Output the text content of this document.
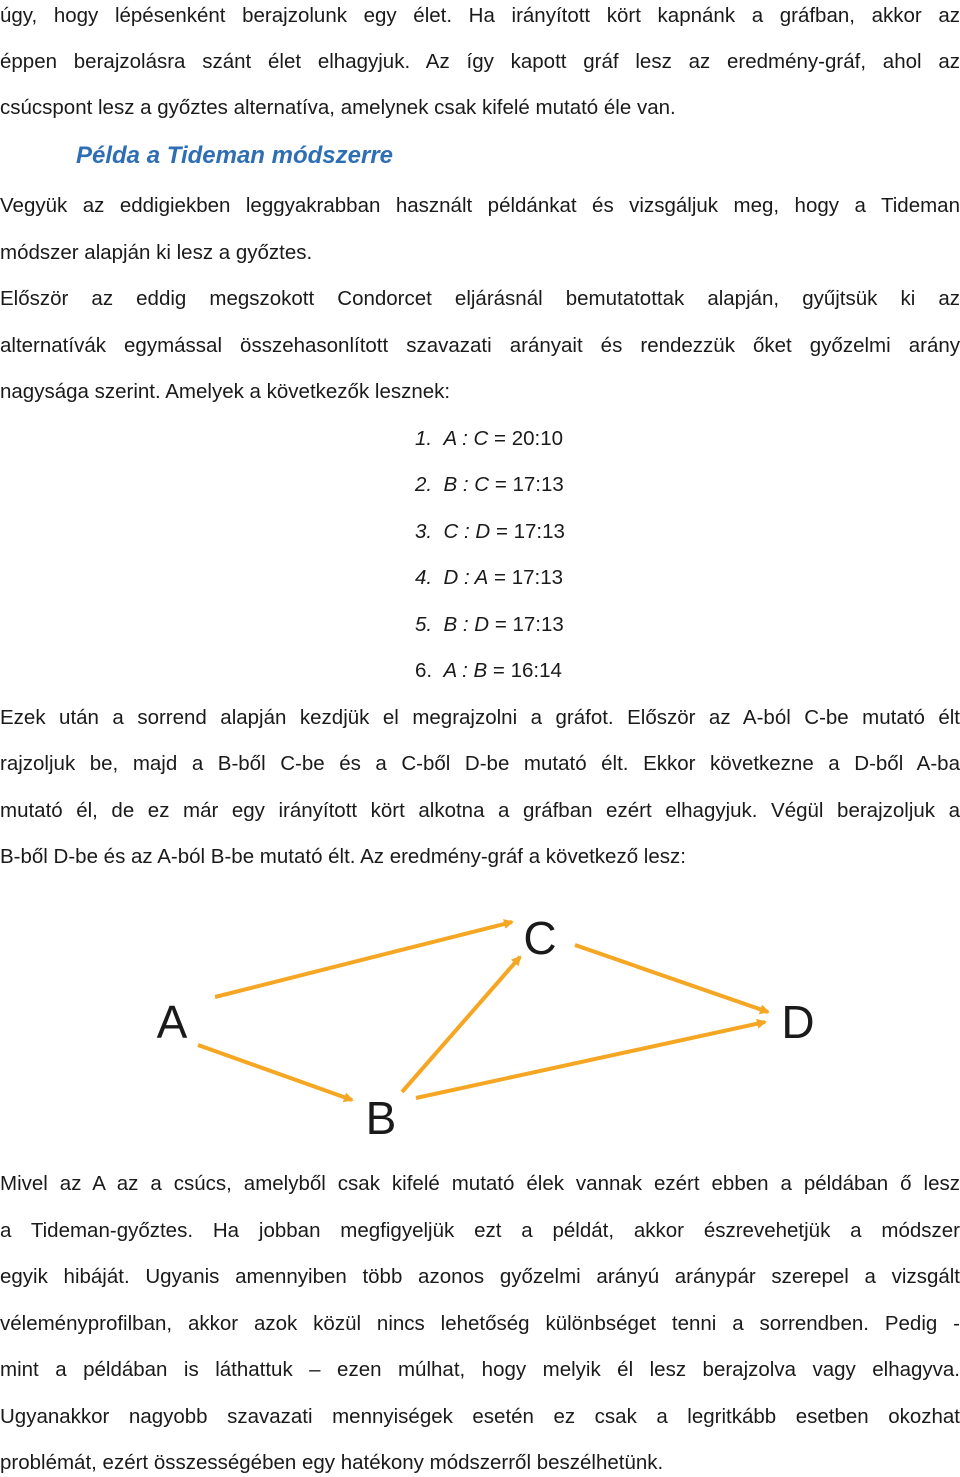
úgy, hogy lépésenként berajzolunk egy élet. Ha irányított kört kapnánk a gráfban, akkor az
éppen berajzolásra szánt élet elhagyjuk. Az így kapott gráf lesz az eredmény-gráf, ahol az
csúcspont lesz a győztes alternatíva, amelynek csak kifelé mutató éle van.
Példa a Tideman módszerre
Vegyük az eddigiekben leggyakrabban használt példánkat és vizsgáljuk meg, hogy a Tideman
módszer alapján ki lesz a győztes.
Először az eddig megszokott Condorcet eljárásnál bemutatottak alapján, gyűjtsük ki az
alternatívák egymással összehasonlított szavazati arányait és rendezzük őket győzelmi arány
nagysága szerint. Amelyek a következők lesznek:
1. A : C = 20:10
2. B : C = 17:13
3. C : D = 17:13
4. D : A = 17:13
5. B : D = 17:13
6. A : B = 16:14
Ezek után a sorrend alapján kezdjük el megrajzolni a gráfot. Először az A-ból C-be mutató élt
rajzoljuk be, majd a B-ből C-be és a C-ből D-be mutató élt. Ekkor következne a D-ből A-ba
mutató él, de ez már egy irányított kört alkotna a gráfban ezért elhagyjuk. Végül berajzoljuk a
B-ből D-be és az A-ból B-be mutató élt. Az eredmény-gráf a következő lesz:
A
B
C
D
Mivel az A az a csúcs, amelyből csak kifelé mutató élek vannak ezért ebben a példában ő lesz
a Tideman-győztes. Ha jobban megfigyeljük ezt a példát, akkor észrevehetjük a módszer
egyik hibáját. Ugyanis amennyiben több azonos győzelmi arányú aránypár szerepel a vizsgált
véleményprofilban, akkor azok közül nincs lehetőség különbséget tenni a sorrendben. Pedig -
mint a példában is láthattuk – ezen múlhat, hogy melyik él lesz berajzolva vagy elhagyva.
Ugyanakkor nagyobb szavazati mennyiségek esetén ez csak a legritkább esetben okozhat
problémát, ezért összességében egy hatékony módszerről beszélhetünk.
